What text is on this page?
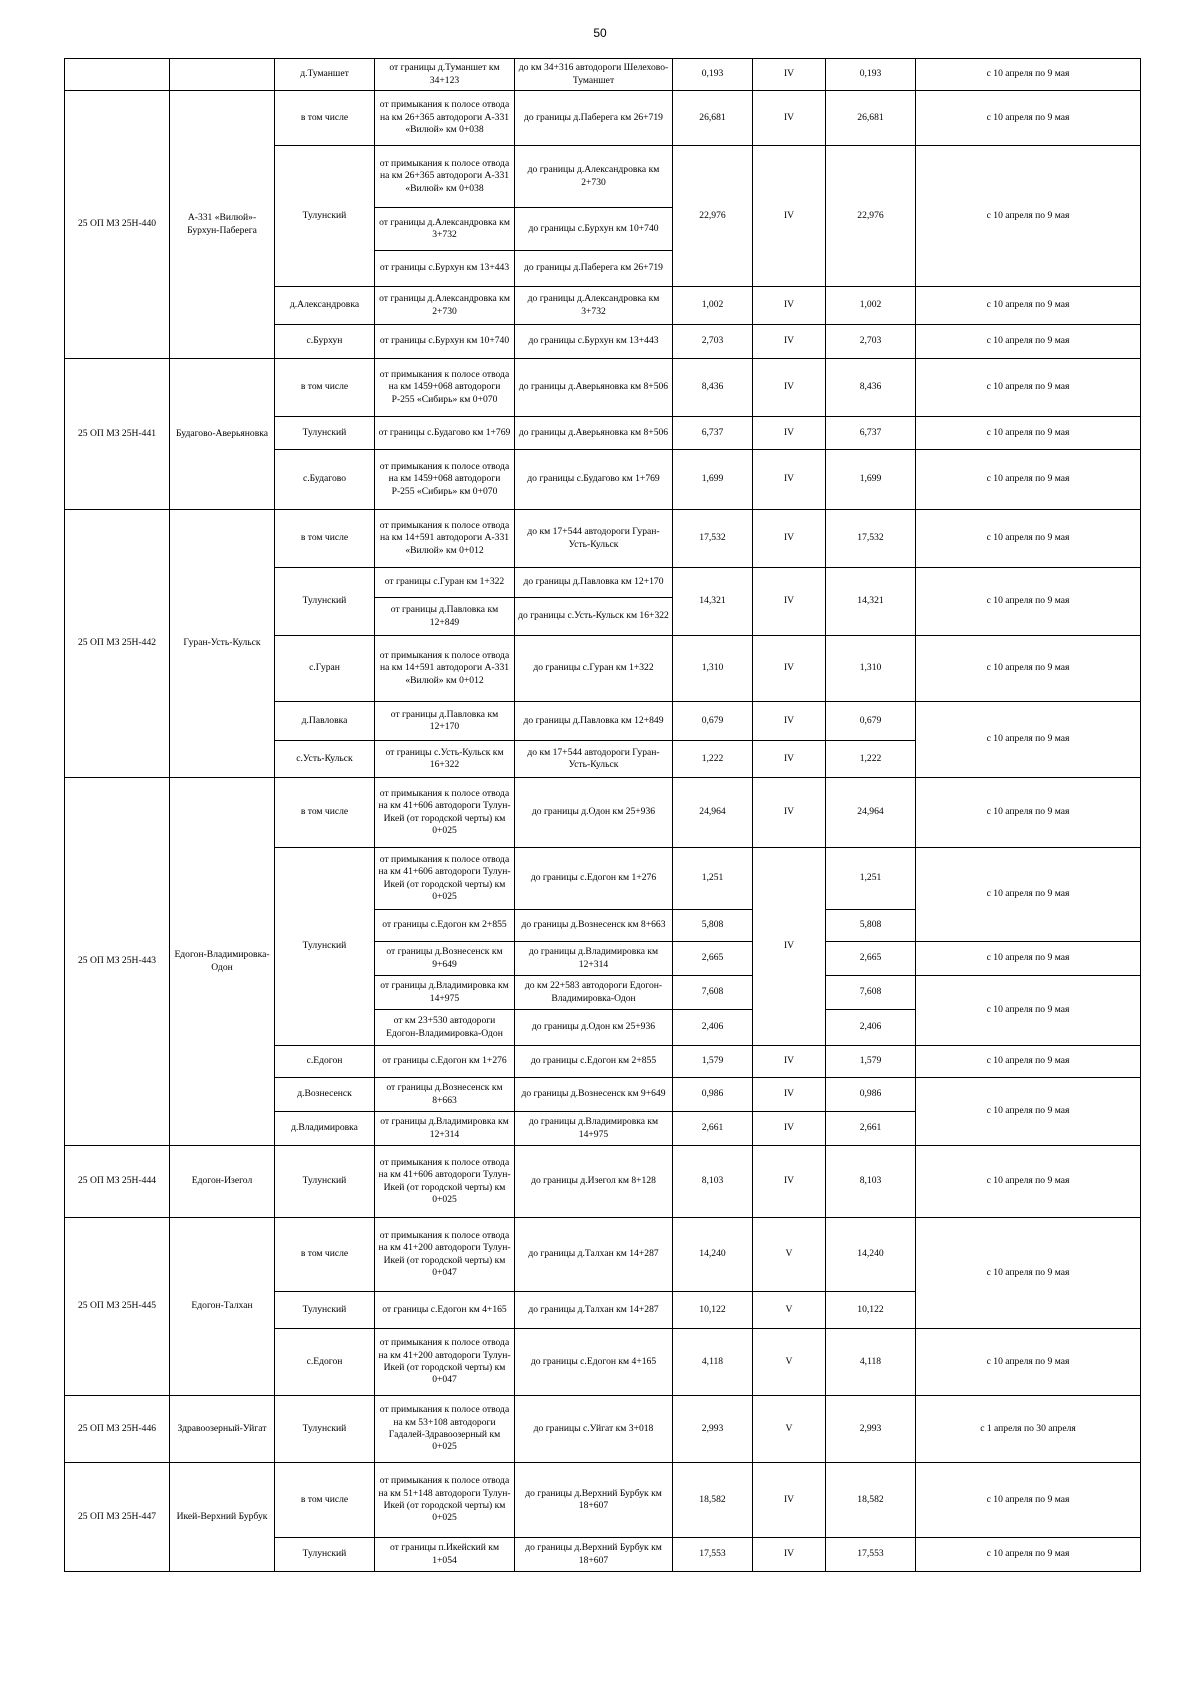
50
		д.Туманшет	от границы д.Туманшет км 34+123	до км 34+316 автодороги Шелехово-Туманшет	0,193	IV	0,193	с 10 апреля по 9 мая
25 ОП МЗ 25Н-440	А-331 «Вилюй»-Бурхун-Паберега	в том числе	от примыкания к полосе отвода на км 26+365 автодороги А-331 «Вилюй» км 0+038	до границы д.Паберега км 26+719	26,681	IV	26,681	с 10 апреля по 9 мая
		Тулунский	от примыкания к полосе отвода на км 26+365 автодороги А-331 «Вилюй» км 0+038	до границы д.Александровка км 2+730	22,976	IV	22,976	с 10 апреля по 9 мая
			от границы д.Александровка км 3+732	до границы с.Бурхун км 10+740				
			от границы с.Бурхун км 13+443	до границы д.Паберега км 26+719				
		д.Александровка	от границы д.Александровка км 2+730	до границы д.Александровка км 3+732	1,002	IV	1,002	с 10 апреля по 9 мая
		с.Бурхун	от границы с.Бурхун км 10+740	до границы с.Бурхун км 13+443	2,703	IV	2,703	с 10 апреля по 9 мая
25 ОП МЗ 25Н-441	Будагово-Аверьяновка	в том числе	от примыкания к полосе отвода на км 1459+068 автодороги Р-255 «Сибирь» км 0+070	до границы д.Аверьяновка км 8+506	8,436	IV	8,436	с 10 апреля по 9 мая
		Тулунский	от границы с.Будагово км 1+769	до границы д.Аверьяновка км 8+506	6,737	IV	6,737	с 10 апреля по 9 мая
		с.Будагово	от примыкания к полосе отвода на км 1459+068 автодороги Р-255 «Сибирь» км 0+070	до границы с.Будагово км 1+769	1,699	IV	1,699	с 10 апреля по 9 мая
25 ОП МЗ 25Н-442	Гуран-Усть-Кульск	в том числе	от примыкания к полосе отвода на км 14+591 автодороги А-331 «Вилюй» км 0+012	до км 17+544 автодороги Гуран-Усть-Кульск	17,532	IV	17,532	с 10 апреля по 9 мая
		Тулунский	от границы с.Гуран км 1+322	до границы д.Павловка км 12+170	14,321	IV	14,321	с 10 апреля по 9 мая
			от границы д.Павловка км 12+849	до границы с.Усть-Кульск км 16+322				
		с.Гуран	от примыкания к полосе отвода на км 14+591 автодороги А-331 «Вилюй» км 0+012	до границы с.Гуран км 1+322	1,310	IV	1,310	с 10 апреля по 9 мая
		д.Павловка	от границы д.Павловка км 12+170	до границы д.Павловка км 12+849	0,679	IV	0,679	с 10 апреля по 9 мая
		с.Усть-Кульск	от границы с.Усть-Кульск км 16+322	до км 17+544 автодороги Гуран-Усть-Кульск	1,222	IV	1,222	
25 ОП МЗ 25Н-443	Едогон-Владимировка-Одон	в том числе	от примыкания к полосе отвода на км 41+606 автодороги Тулун-Икей (от городской черты) км 0+025	до границы д.Одон км 25+936	24,964	IV	24,964	с 10 апреля по 9 мая
		Тулунский	от примыкания к полосе отвода на км 41+606 автодороги Тулун-Икей (от городской черты) км 0+025	до границы с.Едогон км 1+276	1,251	IV	1,251	с 10 апреля по 9 мая
			от границы с.Едогон км 2+855	до границы д.Вознесенск км 8+663	5,808		5,808	
			от границы д.Вознесенск км 9+649	до границы д.Владимировка км 12+314	2,665		2,665	с 10 апреля по 9 мая
			от границы д.Владимировка км 14+975	до км 22+583 автодороги Едогон-Владимировка-Одон	7,608		7,608	с 10 апреля по 9 мая
			от км 23+530 автодороги Едогон-Владимировка-Одон	до границы д.Одон км 25+936	2,406		2,406	
		с.Едогон	от границы с.Едогон км 1+276	до границы с.Едогон км 2+855	1,579	IV	1,579	с 10 апреля по 9 мая
		д.Вознесенск	от границы д.Вознесенск км 8+663	до границы д.Вознесенск км 9+649	0,986	IV	0,986	с 10 апреля по 9 мая
		д.Владимировка	от границы д.Владимировка км 12+314	до границы д.Владимировка км 14+975	2,661	IV	2,661	
25 ОП МЗ 25Н-444	Едогон-Изегол	Тулунский	от примыкания к полосе отвода на км 41+606 автодороги Тулун-Икей (от городской черты) км 0+025	до границы д.Изегол км 8+128	8,103	IV	8,103	с 10 апреля по 9 мая
25 ОП МЗ 25Н-445	Едогон-Талхан	в том числе	от примыкания к полосе отвода на км 41+200 автодороги Тулун-Икей (от городской черты) км 0+047	до границы д.Талхан км 14+287	14,240	V	14,240	с 10 апреля по 9 мая
		Тулунский	от границы с.Едогон км 4+165	до границы д.Талхан км 14+287	10,122	V	10,122	
		с.Едогон	от примыкания к полосе отвода на км 41+200 автодороги Тулун-Икей (от городской черты) км 0+047	до границы с.Едогон км 4+165	4,118	V	4,118	с 10 апреля по 9 мая
25 ОП МЗ 25Н-446	Здравоозерный-Уйгат	Тулунский	от примыкания к полосе отвода на км 53+108 автодороги Гадалей-Здравоозерный км 0+025	до границы с.Уйгат км 3+018	2,993	V	2,993	с 1 апреля по 30 апреля
25 ОП МЗ 25Н-447	Икей-Верхний Бурбук	в том числе	от примыкания к полосе отвода на км 51+148 автодороги Тулун-Икей (от городской черты) км 0+025	до границы д.Верхний Бурбук км 18+607	18,582	IV	18,582	с 10 апреля по 9 мая
		Тулунский	от границы п.Икейский км 1+054	до границы д.Верхний Бурбук км 18+607	17,553	IV	17,553	с 10 апреля по 9 мая
